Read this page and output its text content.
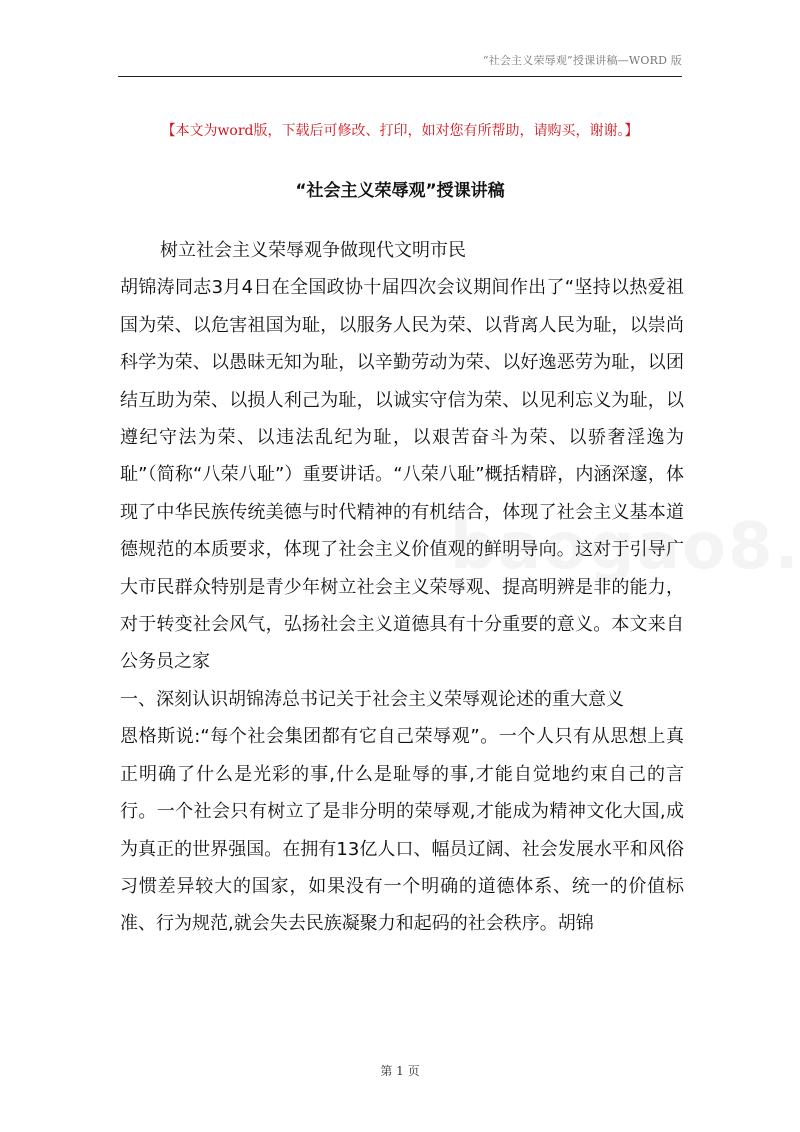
“社会主义荣辱观”授课讲稿—WORD 版
【本文为word版，下载后可修改、打印，如对您有所帮助，请购买，谢谢。】
“社会主义荣辱观”授课讲稿

树立社会主义荣辱观争做现代文明市民

胡锦涛同志3月4日在全国政协十届四次会议期间作出了“坚持以热爱祖国为荣、以危害祖国为耻，以服务人民为荣、以背离人民为耻，以崇尚科学为荣、以愚昧无知为耻，以辛勤劳动为荣、以好逸恶劳为耻，以团结互助为荣、以损人利己为耻，以诚实守信为荣、以见利忘义为耻，以遵纪守法为荣、以违法乱纪为耻，以艰苦奋斗为荣、以骄奢淫逸为耻”（简称“八荣八耻”）重要讲话。“八荣八耻”概括精辟，内涵深邃，体现了中华民族传统美德与时代精神的有机结合，体现了社会主义基本道德规范的本质要求，体现了社会主义价值观的鲜明导向。这对于引导广大市民群众特别是青少年树立社会主义荣辱观、提高明辨是非的能力，对于转变社会风气，弘扬社会主义道德具有十分重要的意义。本文来自公务员之家

一、深刻认识胡锦涛总书记关于社会主义荣辱观论述的重大意义

恩格斯说:“每个社会集团都有它自己荣辱观”。一个人只有从思想上真正明确了什么是光彩的事,什么是耻辱的事,才能自觉地约束自己的言行。一个社会只有树立了是非分明的荣辱观,才能成为精神文化大国,成为真正的世界强国。在拥有13亿人口、幅员辽阔、社会发展水平和风俗习惯差异较大的国家，如果没有一个明确的道德体系、统一的价值标准、行为规范,就会失去民族凝聚力和起码的社会秩序。胡锦

第 1 页
